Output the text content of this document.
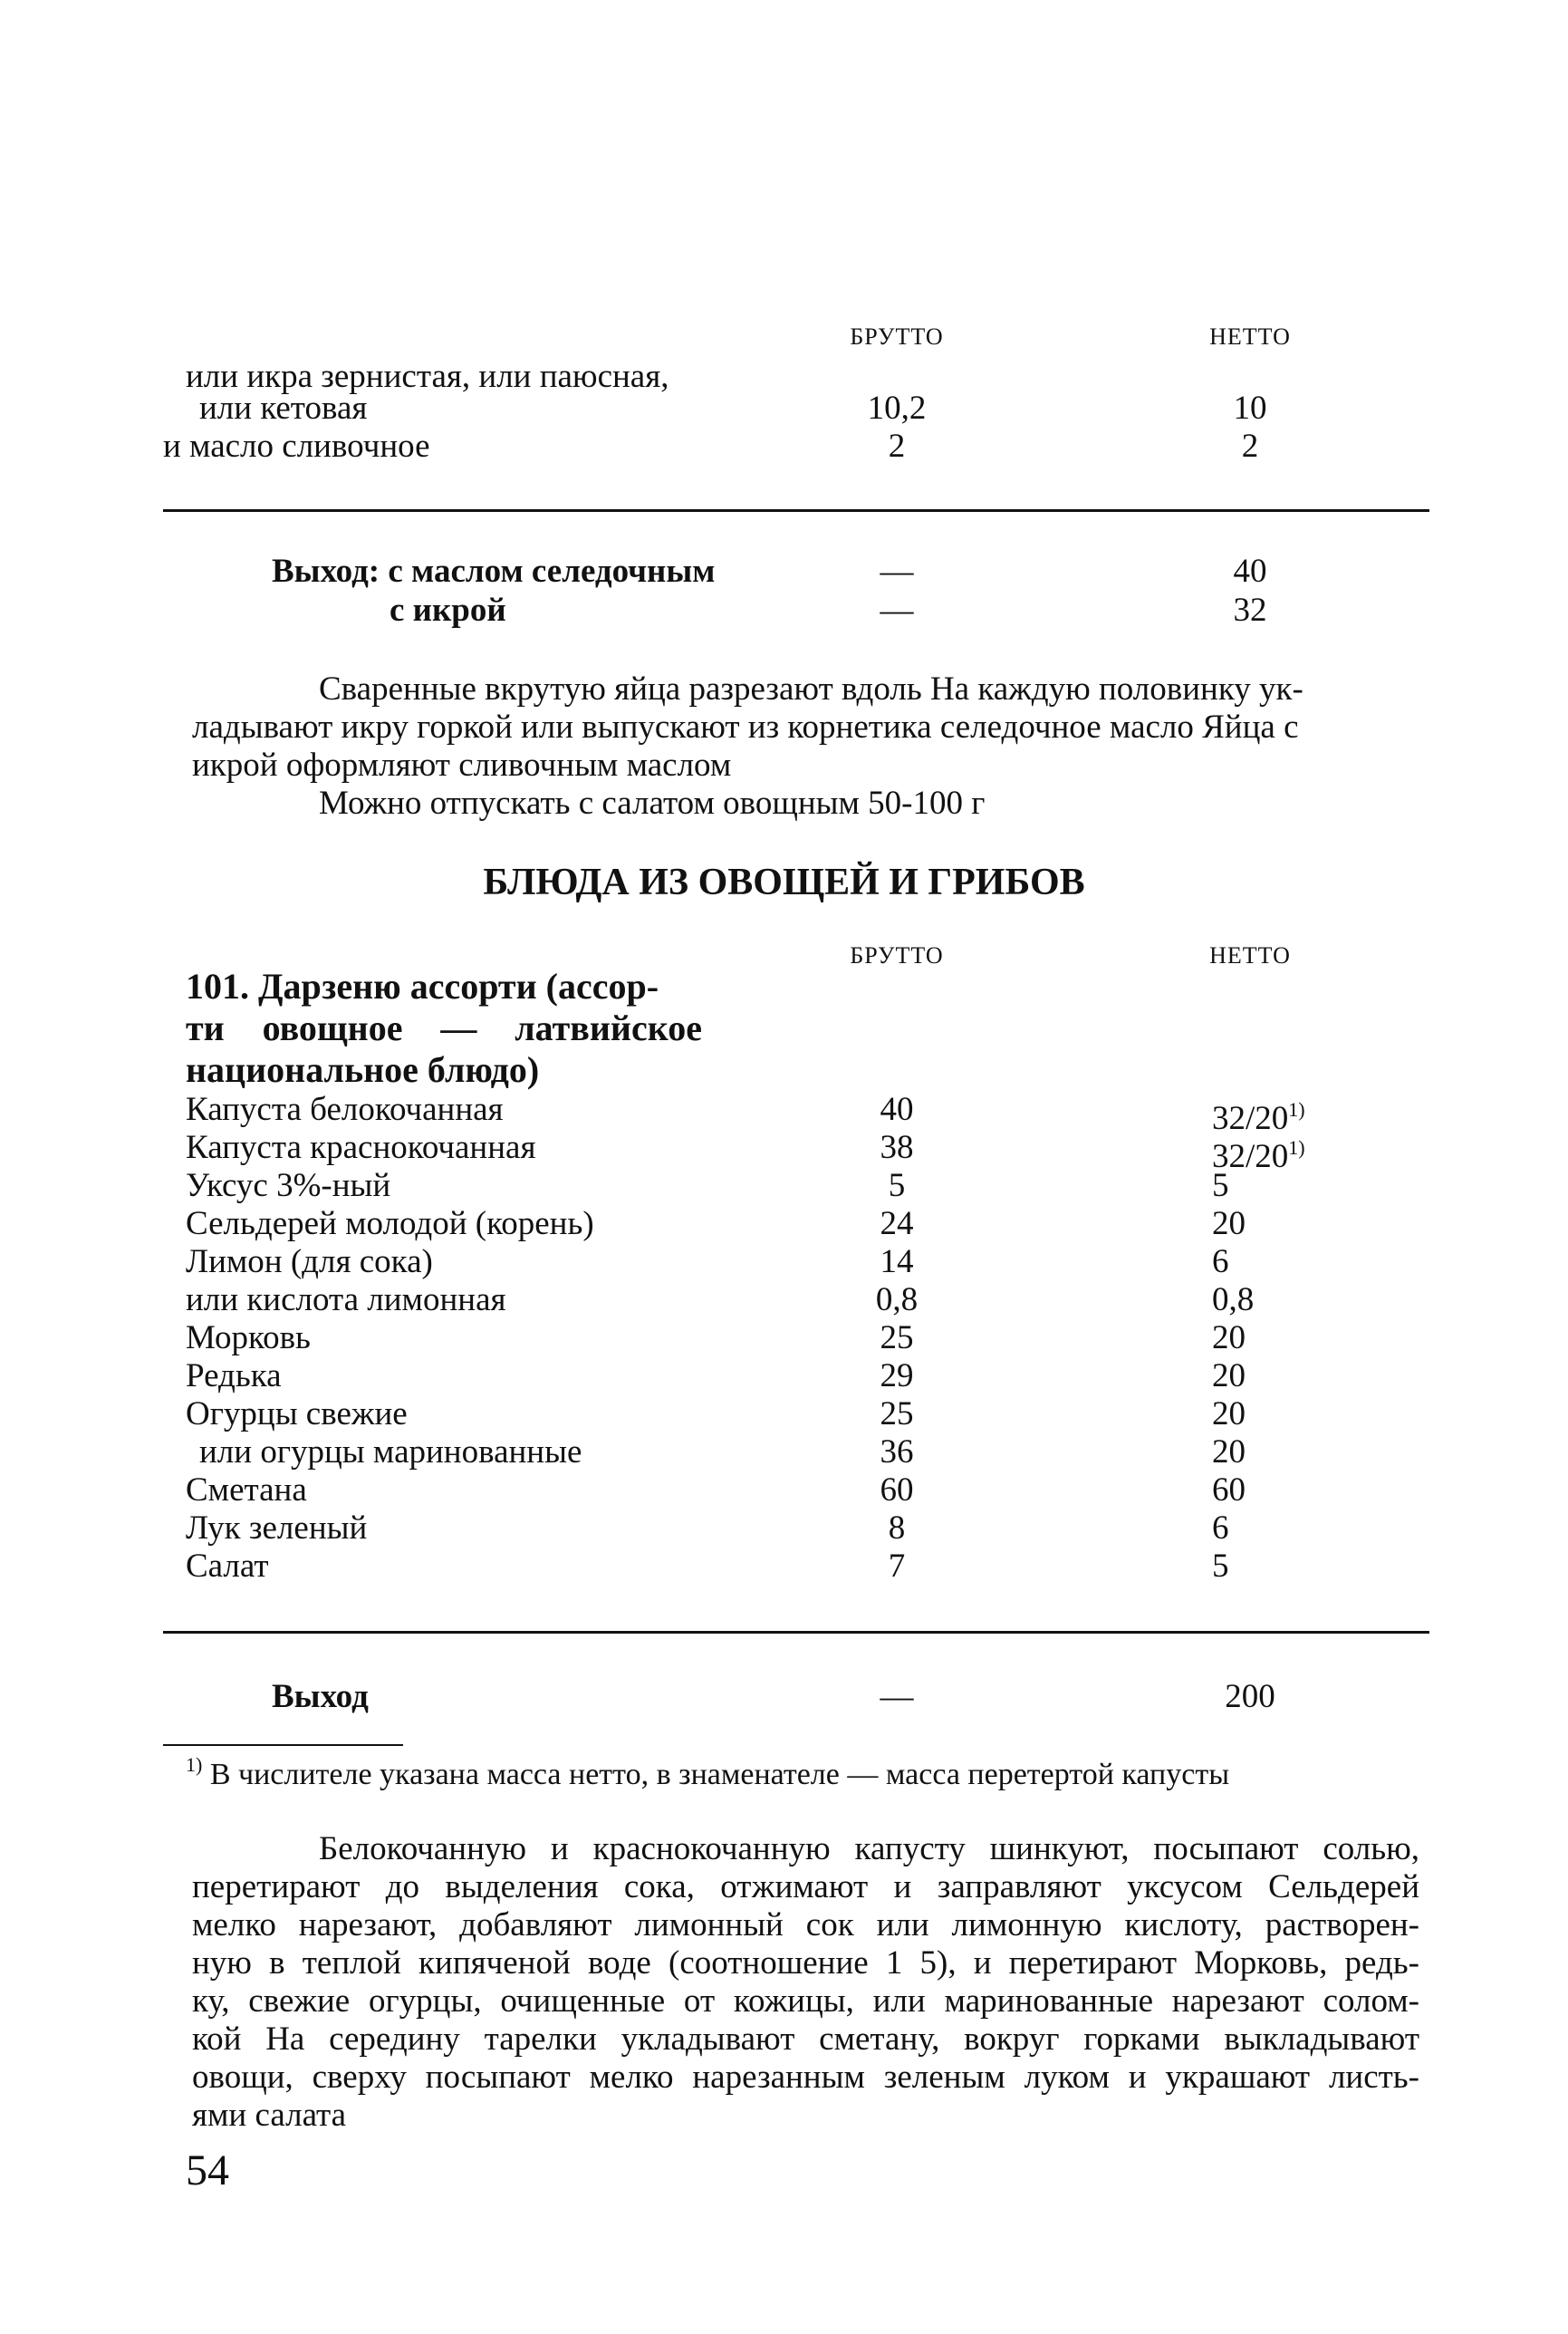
БРУТТО	НЕТТО
или икра зернистая, или паюсная,
или кетовая	10,2	10
и масло сливочное	2	2
Выход: с маслом селедочным	—	40
с икрой	—	32
Сваренные вкрутую яйца разрезают вдоль На каждую половинку ук-
ладывают икру горкой или выпускают из корнетика селедочное масло Яйца с
икрой оформляют сливочным маслом
Можно отпускать с салатом овощным 50-100 г
БЛЮДА ИЗ ОВОЩЕЙ И ГРИБОВ
БРУТТО	НЕТТО
101. Дарзеню ассорти (ассор-
ти овощное — латвийское
национальное блюдо)
Капуста белокочанная	40	32/20$^{1)}$
Капуста краснокочанная	38	32/20$^{1)}$
Уксус 3%-ный	5	5
Сельдерей молодой (корень)	24	20
Лимон (для сока)	14	6
или кислота лимонная	0,8	0,8
Морковь	25	20
Редька	29	20
Огурцы свежие	25	20
или огурцы маринованные	36	20
Сметана	60	60
Лук зеленый	8	6
Салат	7	5
Выход	—	200
$^{1)}$ В числителе указана масса нетто, в знаменателе — масса перетертой капусты
Белокочанную и краснокочанную капусту шинкуют, посыпают солью,
перетирают до выделения сока, отжимают и заправляют уксусом Сельдерей
мелко нарезают, добавляют лимонный сок или лимонную кислоту, растворен-
ную в теплой кипяченой воде (соотношение 1 5), и перетирают Морковь, редь-
ку, свежие огурцы, очищенные от кожицы, или маринованные нарезают солом-
кой На середину тарелки укладывают сметану, вокруг горками выкладывают
овощи, сверху посыпают мелко нарезанным зеленым луком и украшают листь-
ями салата
54
